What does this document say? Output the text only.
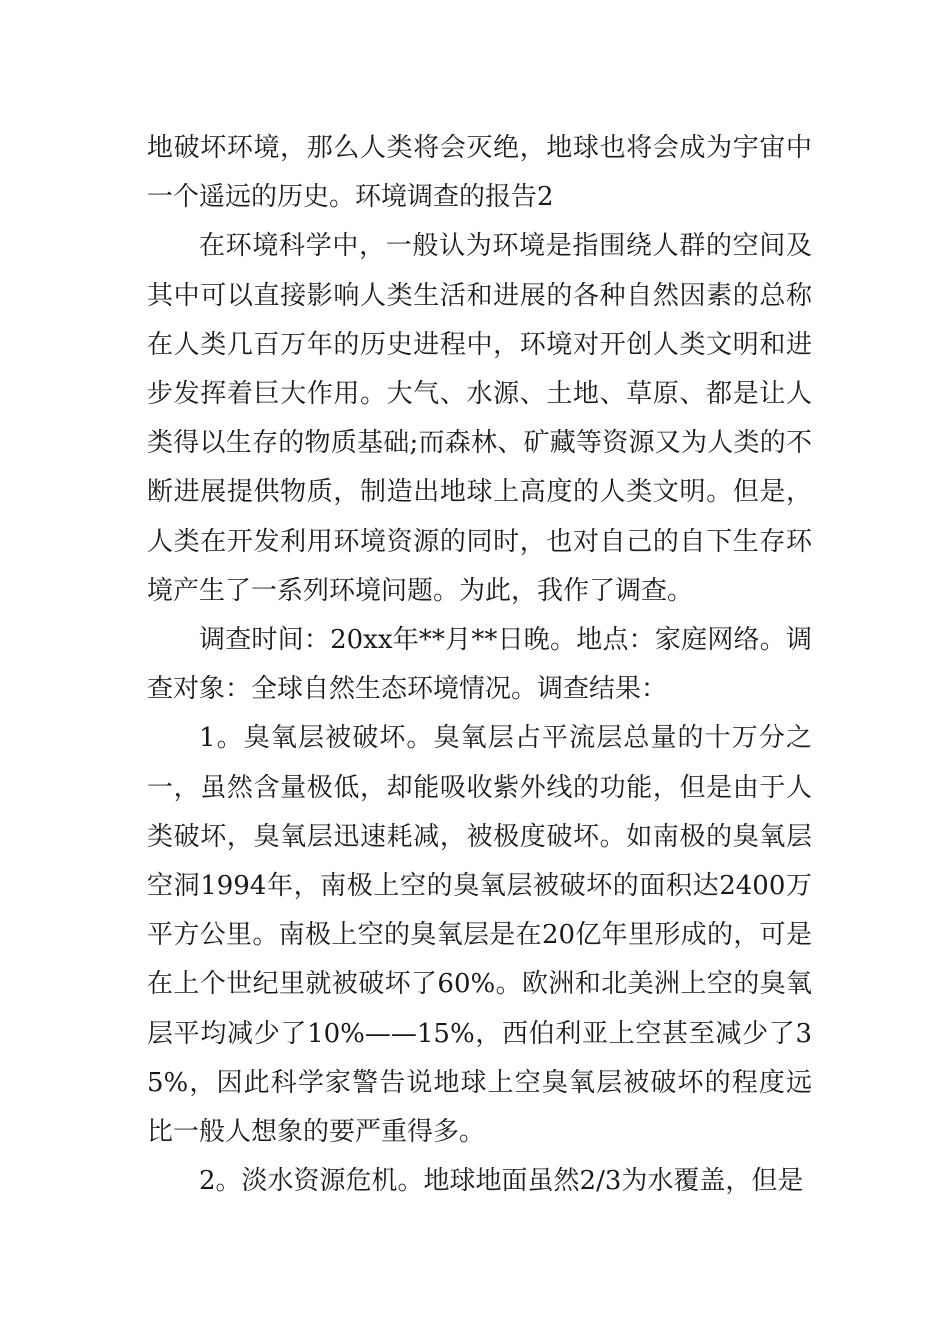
地破坏环境，那么人类将会灭绝，地球也将会成为宇宙中一个遥远的历史。环境调查的报告2

在环境科学中，一般认为环境是指围绕人群的空间及其中可以直接影响人类生活和进展的各种自然因素的总称在人类几百万年的历史进程中，环境对开创人类文明和进步发挥着巨大作用。大气、水源、土地、草原、都是让人类得以生存的物质基础;而森林、矿藏等资源又为人类的不断进展提供物质，制造出地球上高度的人类文明。但是，人类在开发利用环境资源的同时，也对自己的自下生存环境产生了一系列环境问题。为此，我作了调查。

调查时间：20xx年**月**日晚。地点：家庭网络。调查对象：全球自然生态环境情况。调查结果：

1。臭氧层被破坏。臭氧层占平流层总量的十万分之一，虽然含量极低，却能吸收紫外线的功能，但是由于人类破坏，臭氧层迅速耗减，被极度破坏。如南极的臭氧层空洞1994年，南极上空的臭氧层被破坏的面积达2400万平方公里。南极上空的臭氧层是在20亿年里形成的，可是在上个世纪里就被破坏了60%。欧洲和北美洲上空的臭氧层平均减少了10%——15%，西伯利亚上空甚至减少了35%，因此科学家警告说地球上空臭氧层被破坏的程度远比一般人想象的要严重得多。

2。淡水资源危机。地球地面虽然2/3为水覆盖，但是
